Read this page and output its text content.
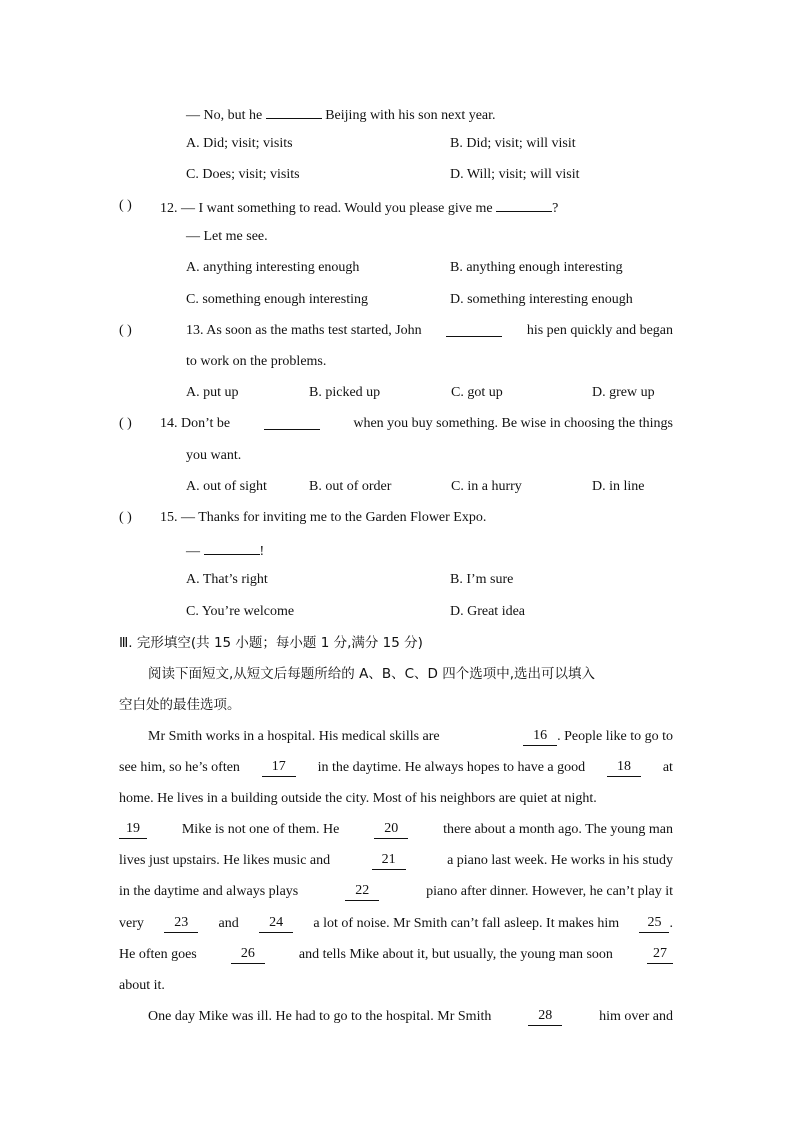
— No, but he	Beijing with his son next year.
A. Did; visit; visits	B. Did; visit; will visit
C. Does; visit; visits	D. Will; visit; will visit
( ) 12. — I want something to read. Would you please give me	?
— Let me see.
A. anything interesting enough	B. anything enough interesting
C. something enough interesting	D. something interesting enough
( )	13. As soon as the maths test started, John	his pen quickly and began
to work on the problems.
A. put up	B. picked up	C. got up	D. grew up
( ) 14. Don’t be	when you buy something. Be wise in choosing the things
you want.
A. out of sight	B. out of order	C. in a hurry	D. in line
( ) 15. — Thanks for inviting me to the Garden Flower Expo.
—	!
A. That’s right	B. I’m sure
C. You’re welcome	D. Great idea
Ⅲ. 完形填空(共 15 小题；每小题 1 分,满分 15 分)
阅读下面短文,从短文后每题所给的 A、B、C、D 四个选项中,选出可以填入
空白处的最佳选项。
Mr Smith works in a hospital. His medical skills are	16 . People like to go to
see him, so he’s often	17	in the daytime. He always hopes to have a good	18	at
home. He lives in a building outside the city. Most of his neighbors are quiet at night.
19	Mike is not one of them. He	20	there about a month ago. The young man
lives just upstairs. He likes music and	21	a piano last week. He works in his study
in the daytime and always plays	22	piano after dinner. However, he can’t play it
very	23	and	24	a lot of noise. Mr Smith can’t fall asleep. It makes him	25 .
He often goes	26	and tells Mike about it, but usually, the young man soon	27
about it.
One day Mike was ill. He had to go to the hospital. Mr Smith	28	him over and
